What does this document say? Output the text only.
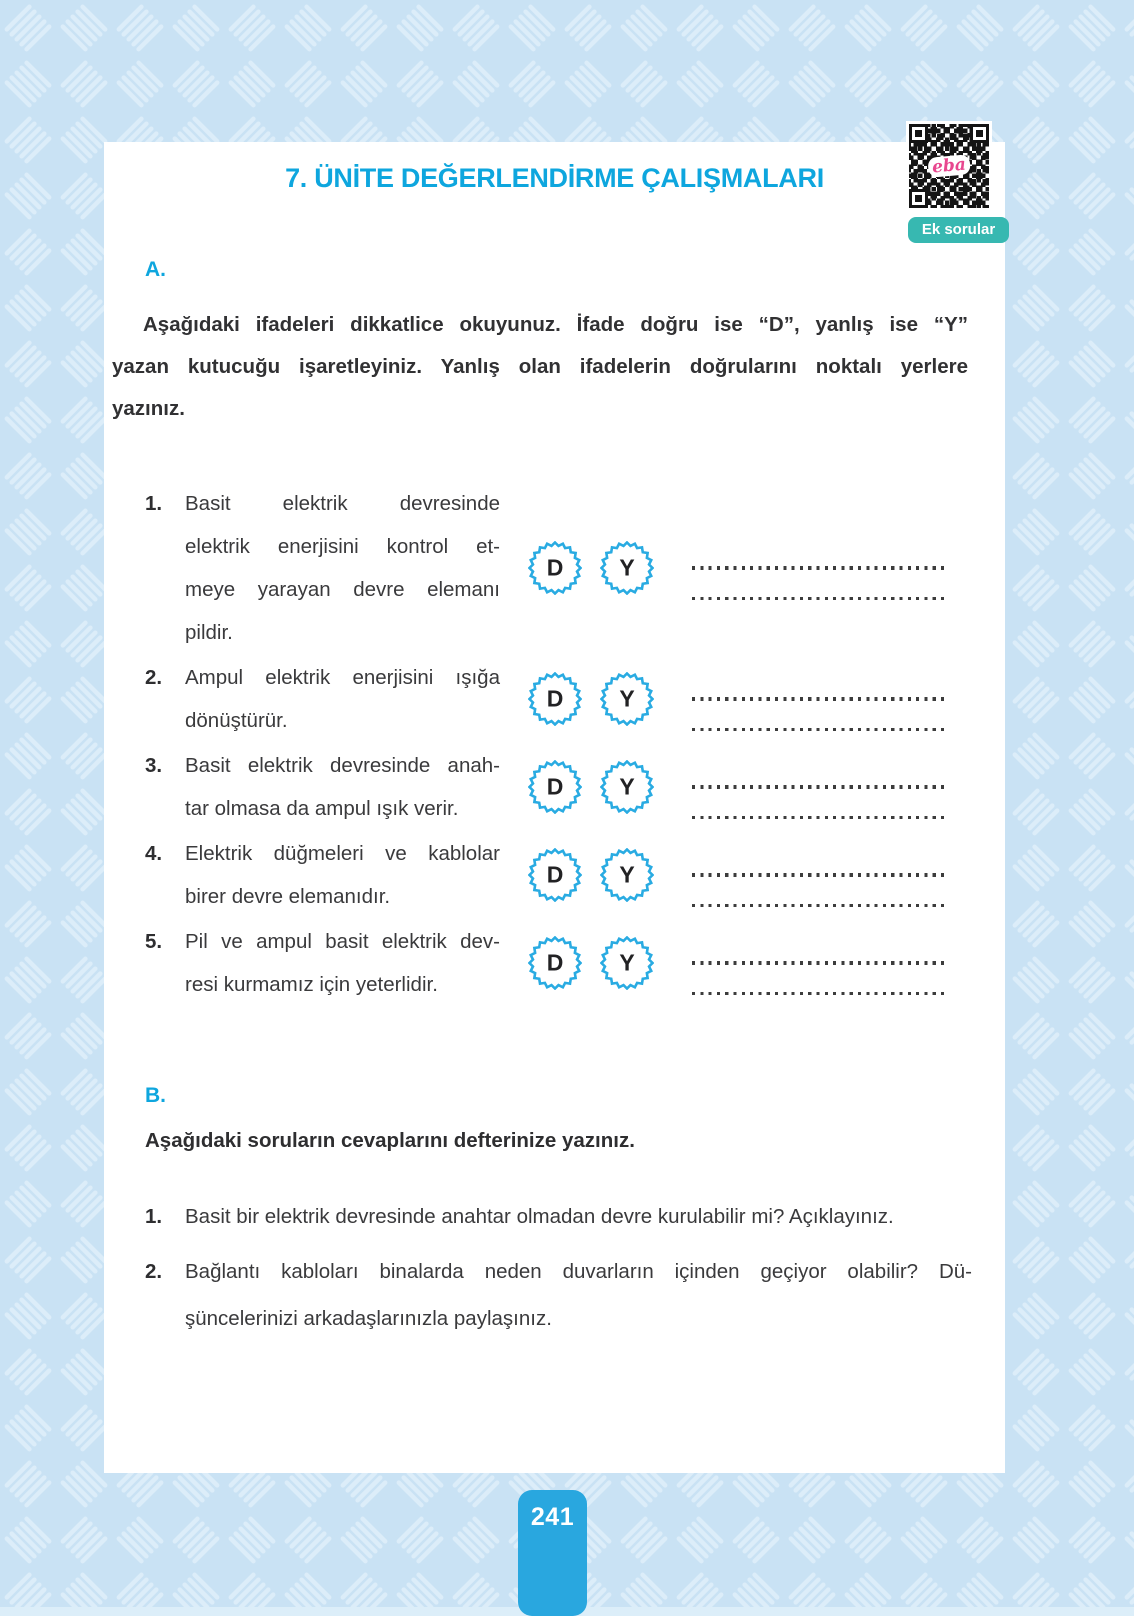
241
7. ÜNİTE DEĞERLENDİRME ÇALIŞMALARI	eba
Ek sorular
A.
Aşağıdaki ifadeleri dikkatlice okuyunuz. İfade doğru ise “D”, yanlış ise “Y”
yazan kutucuğu işaretleyiniz. Yanlış olan ifadelerin doğrularını noktalı yerlere
yazınız.
1.	Basit elektrik devresinde
elektrik enerjisini kontrol et-
meye yarayan devre elemanı
pildir.
D Y
2.	Ampul elektrik enerjisini ışığa
dönüştürür.
D Y
3.	Basit elektrik devresinde anah-
tar olmasa da ampul ışık verir.
D Y
4.	Elektrik düğmeleri ve kablolar
birer devre elemanıdır.
D Y
5.	Pil ve ampul basit elektrik dev-
resi kurmamız için yeterlidir.
D Y
B.
Aşağıdaki soruların cevaplarını defterinize yazınız.
1.	Basit bir elektrik devresinde anahtar olmadan devre kurulabilir mi? Açıklayınız.
2.	Bağlantı kabloları binalarda neden duvarların içinden geçiyor olabilir? Dü-
şüncelerinizi arkadaşlarınızla paylaşınız.
